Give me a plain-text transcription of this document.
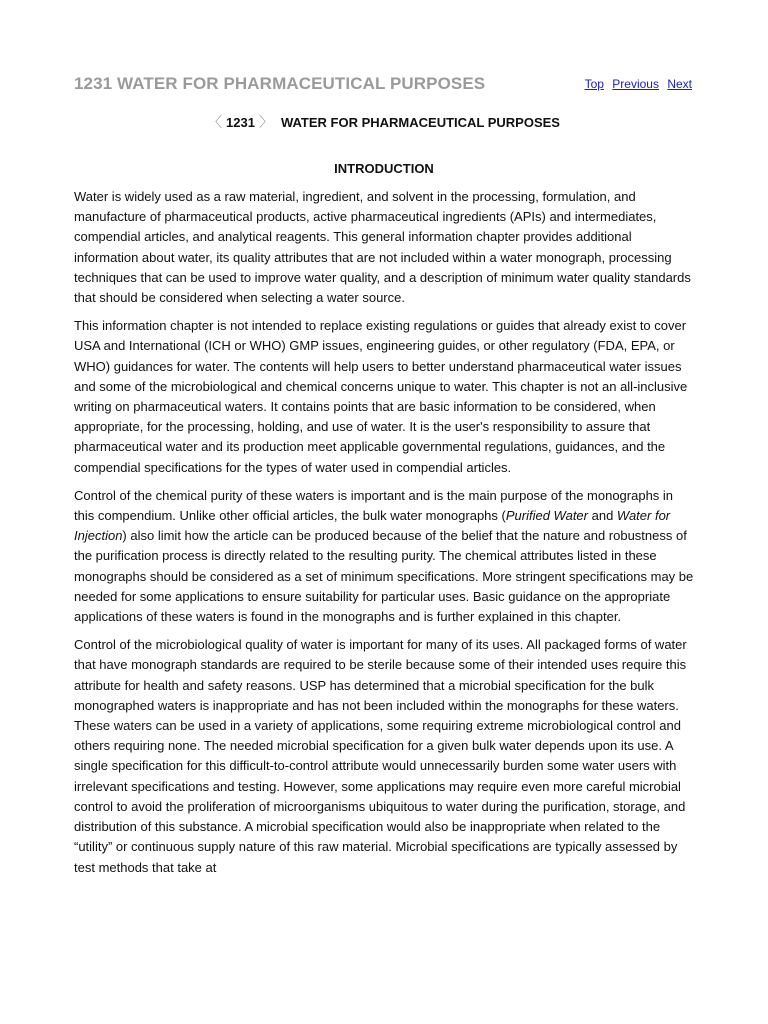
1231 WATER FOR PHARMACEUTICAL PURPOSES	Top Previous Next
〈 1231 〉 WATER FOR PHARMACEUTICAL PURPOSES
INTRODUCTION

Water is widely used as a raw material, ingredient, and solvent in the processing, formulation, and manufacture of pharmaceutical products, active pharmaceutical ingredients (APIs) and intermediates, compendial articles, and analytical reagents. This general information chapter provides additional information about water, its quality attributes that are not included within a water monograph, processing techniques that can be used to improve water quality, and a description of minimum water quality standards that should be considered when selecting a water source.

This information chapter is not intended to replace existing regulations or guides that already exist to cover USA and International (ICH or WHO) GMP issues, engineering guides, or other regulatory (FDA, EPA, or WHO) guidances for water. The contents will help users to better understand pharmaceutical water issues and some of the microbiological and chemical concerns unique to water. This chapter is not an all-inclusive writing on pharmaceutical waters. It contains points that are basic information to be considered, when appropriate, for the processing, holding, and use of water. It is the user's responsibility to assure that pharmaceutical water and its production meet applicable governmental regulations, guidances, and the compendial specifications for the types of water used in compendial articles.

Control of the chemical purity of these waters is important and is the main purpose of the monographs in this compendium. Unlike other official articles, the bulk water monographs (Purified Water and Water for Injection) also limit how the article can be produced because of the belief that the nature and robustness of the purification process is directly related to the resulting purity. The chemical attributes listed in these monographs should be considered as a set of minimum specifications. More stringent specifications may be needed for some applications to ensure suitability for particular uses. Basic guidance on the appropriate applications of these waters is found in the monographs and is further explained in this chapter.

Control of the microbiological quality of water is important for many of its uses. All packaged forms of water that have monograph standards are required to be sterile because some of their intended uses require this attribute for health and safety reasons. USP has determined that a microbial specification for the bulk monographed waters is inappropriate and has not been included within the monographs for these waters. These waters can be used in a variety of applications, some requiring extreme microbiological control and others requiring none. The needed microbial specification for a given bulk water depends upon its use. A single specification for this difficult-to-control attribute would unnecessarily burden some water users with irrelevant specifications and testing. However, some applications may require even more careful microbial control to avoid the proliferation of microorganisms ubiquitous to water during the purification, storage, and distribution of this substance. A microbial specification would also be inappropriate when related to the “utility” or continuous supply nature of this raw material. Microbial specifications are typically assessed by test methods that take at
